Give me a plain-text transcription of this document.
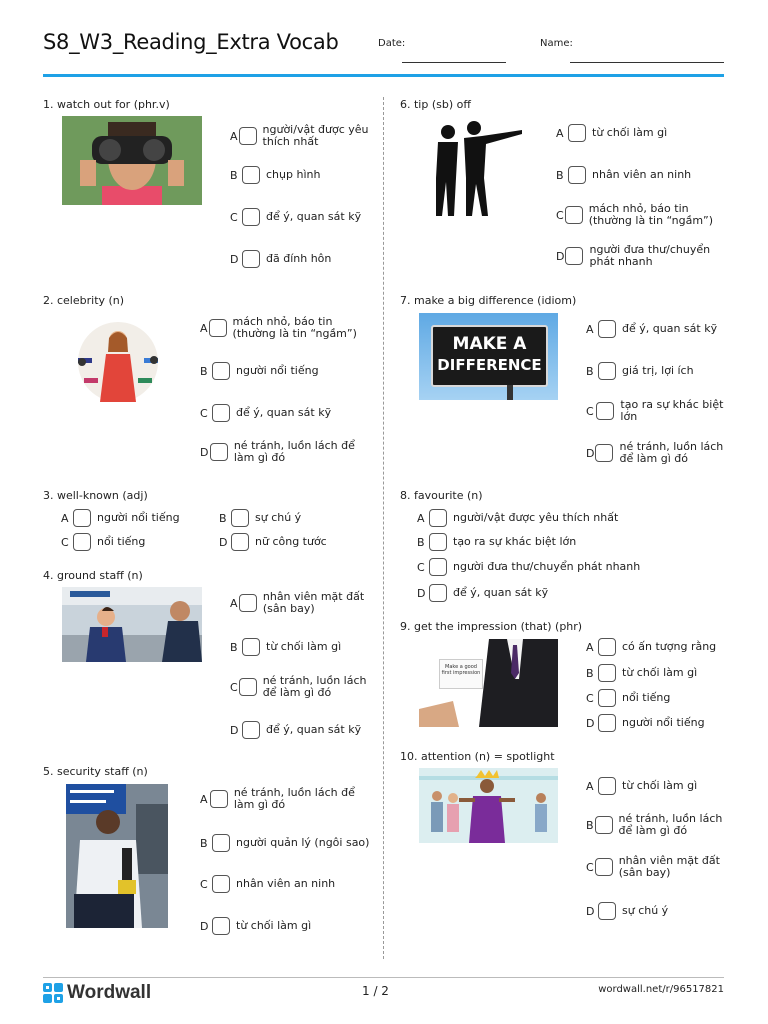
S8_W3_Reading_Extra Vocab	Date:	Name:
1. watch out for (phr.v)
A người/vật được yêu thích nhất
B	chụp hình
C	để ý, quan sát kỹ
D	đã đính hôn
2. celebrity (n)
A mách nhỏ, báo tin (thường là tin “ngầm”)
B	người nổi tiếng
C	để ý, quan sát kỹ
D né tránh, luồn lách để làm gì đó
3. well-known (adj)
A	người nổi tiếng	B	sự chú ý
C	nổi tiếng	D	nữ công tước
4. ground staff (n)
A nhân viên mặt đất (sân bay)
B	từ chối làm gì
C né tránh, luồn lách để làm gì đó
D	để ý, quan sát kỹ
5. security staff (n)
A né tránh, luồn lách để làm gì đó
B	người quản lý (ngôi sao)
C	nhân viên an ninh
D	từ chối làm gì
6. tip (sb) off
A	từ chối làm gì
B	nhân viên an ninh
C mách nhỏ, báo tin (thường là tin “ngầm”)
D người đưa thư/chuyển phát nhanh
7. make a big difference (idiom)
MAKE A
DIFFERENCE
A	để ý, quan sát kỹ
B	giá trị, lợi ích
C tạo ra sự khác biệt lớn
D né tránh, luồn lách để làm gì đó
8. favourite (n)
A	người/vật được yêu thích nhất
B	tạo ra sự khác biệt lớn
C	người đưa thư/chuyển phát nhanh
D	để ý, quan sát kỹ
9. get the impression (that) (phr)
Make a good first impression
A	có ấn tượng rằng
B	từ chối làm gì
C	nổi tiếng
D	người nổi tiếng
10. attention (n) = spotlight
A	từ chối làm gì
B né tránh, luồn lách để làm gì đó
C nhân viên mặt đất (sân bay)
D	sự chú ý
Wordwall	1 / 2	wordwall.net/r/96517821
